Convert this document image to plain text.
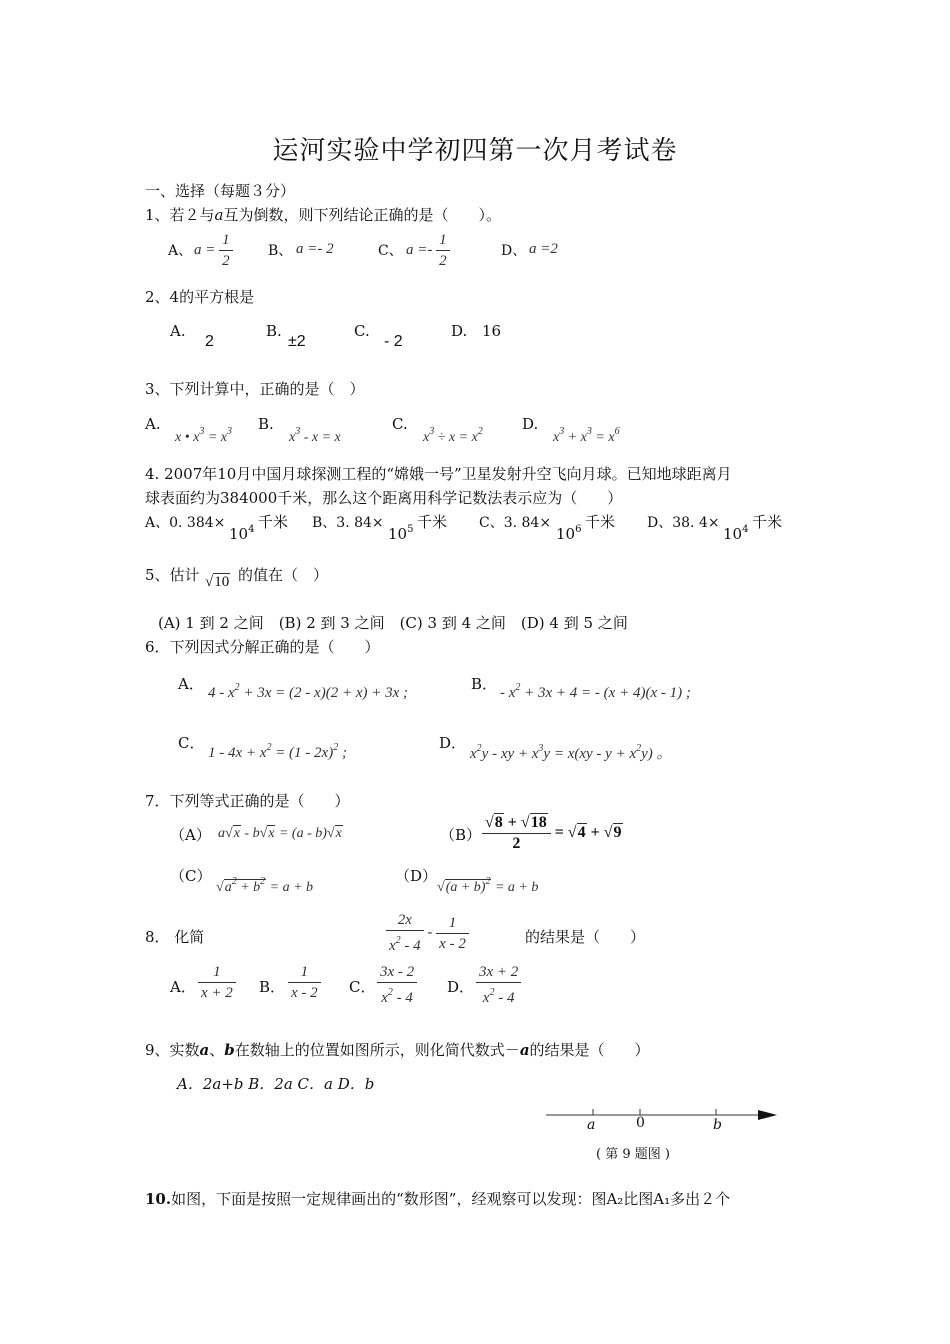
运河实验中学初四第一次月考试卷
一、选择（每题３分）
1、若２与a互为倒数，则下列结论正确的是（　　）。
A、 $a = \frac{1}{2}$	B、 a =- 2	C、 $a =- \frac{1}{2}$	D、 a =2
2、4的平方根是
A.
2
B.
±2
C.
- 2
D. 16
3、下列计算中，正确的是（　）
A.
x • $x^3 = x^3$ B.
$x^3 - x = x$
C.
$x^3 \div x = x^2$	D.
$x^3 + x^3 = x^6$
4. 2007年10月中国月球探测工程的“嫦娥一号”卫星发射升空飞向月球。已知地球距离月
球表面约为384000千米，那么这个距离用科学记数法表示应为（　　）
A、0. 384×
$10^4$ 千米 B、3. 84×
$10^5$ 千米 C、3. 84×
$10^6$ 千米 D、38. 4×
$10^4$ 千米
5、估计 √10 的值在（　）
(A) 1 到 2 之间　(B) 2 到 3 之间　(C) 3 到 4 之间　(D) 4 到 5 之间
6．下列因式分解正确的是（　　）
A． $4 - x^2 + 3x = (2 - x)(2 + x) + 3x$ ;	B． - $x^2 + 3x + 4$ = - (x + 4)(x - 1) ;
C．
$1 - 4x + x^2 = (1 - 2x)^2$ ;
D．
$x^2y$ - xy + $x^3y = x(xy - y + x^2y)$ 。
7．下列等式正确的是（　　）
（A） a√x - b√x = (a - b)√x	$(B) \frac{√8 + √18}{2} = √4 + √9$
（C）
$√a^2 + b^2 = a + b$
（D）
$√(a + b)^2 = a + b$
8． 化简	$\frac{2x}{x^2 - 4} - \frac{1}{x - 2}$	的结果是（　　）
A． $\frac{1}{x + 2}$ B． $\frac{1}{x - 2}$ C． $\frac{3x - 2}{x^2 - 4}$ D． $\frac{3x + 2}{x^2 - 4}$
9、实数a、b在数轴上的位置如图所示，则化简代数式－a的结果是（　　）
A．2a+b B．2a C．a D．b
a	0	b
( 第 9 题图 )
10.如图，下面是按照一定规律画出的“数形图”，经观察可以发现：图A₂比图A₁多出２个
